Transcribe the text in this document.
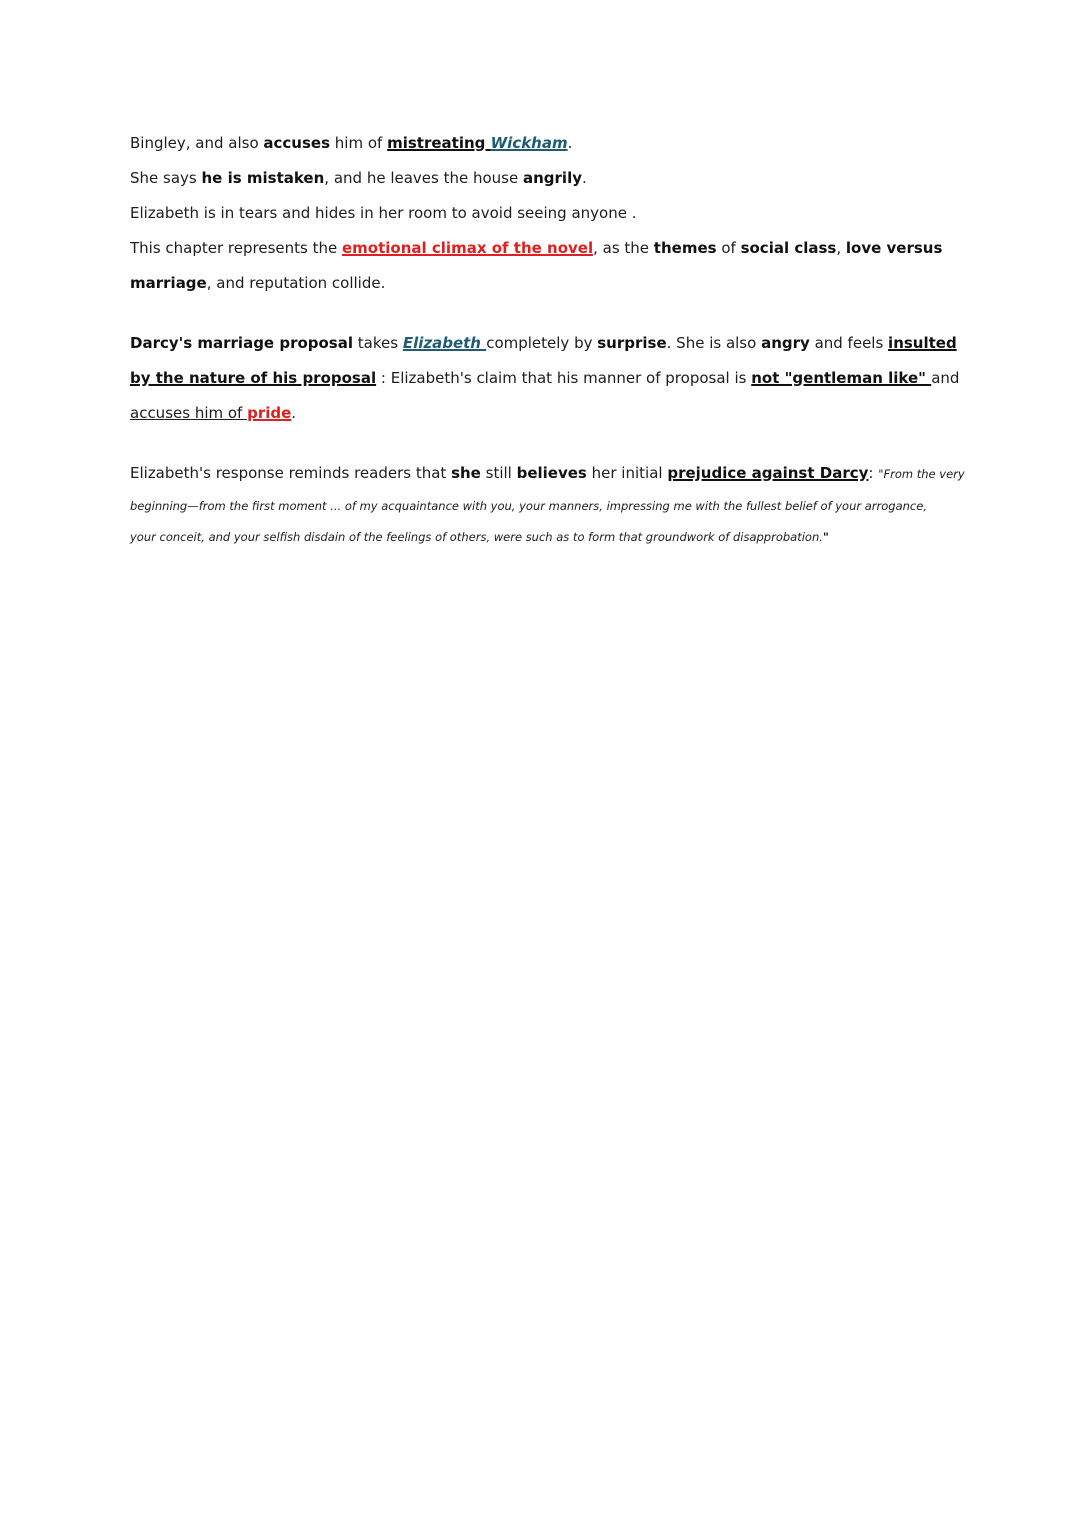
Bingley, and also accuses him of mistreating Wickham.
She says he is mistaken, and he leaves the house angrily.
Elizabeth is in tears and hides in her room to avoid seeing anyone .
This chapter represents the emotional climax of the novel, as the themes of social class, love versus
marriage, and reputation collide.
Darcy's marriage proposal takes Elizabeth completely by surprise. She is also angry and feels insulted
by the nature of his proposal : Elizabeth's claim that his manner of proposal is not "gentleman like" and
accuses him of pride.
Elizabeth's response reminds readers that she still believes her initial prejudice against Darcy: "From the very
beginning—from the first moment ... of my acquaintance with you, your manners, impressing me with the fullest belief of your arrogance,
your conceit, and your selfish disdain of the feelings of others, were such as to form that groundwork of disapprobation."
